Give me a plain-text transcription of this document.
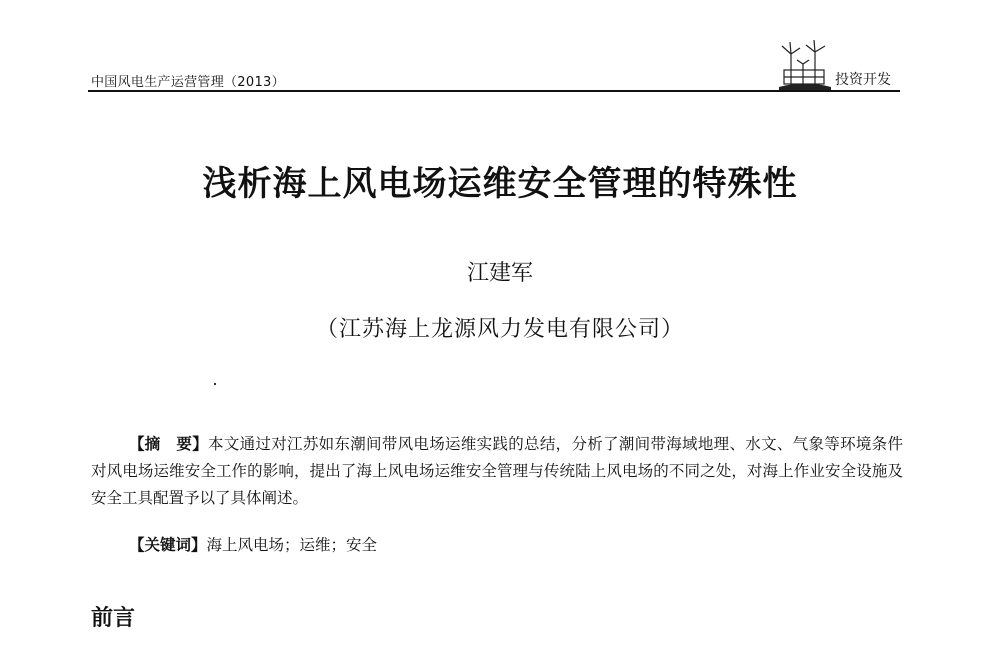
中国风电生产运营管理（2013）	投资开发
浅析海上风电场运维安全管理的特殊性
江建军
（江苏海上龙源风力发电有限公司）
【摘　要】本文通过对江苏如东潮间带风电场运维实践的总结，分析了潮间带海域地理、水文、气象等环境条件对风电场运维安全工作的影响，提出了海上风电场运维安全管理与传统陆上风电场的不同之处，对海上作业安全设施及安全工具配置予以了具体阐述。
【关键词】海上风电场；运维；安全
前言
